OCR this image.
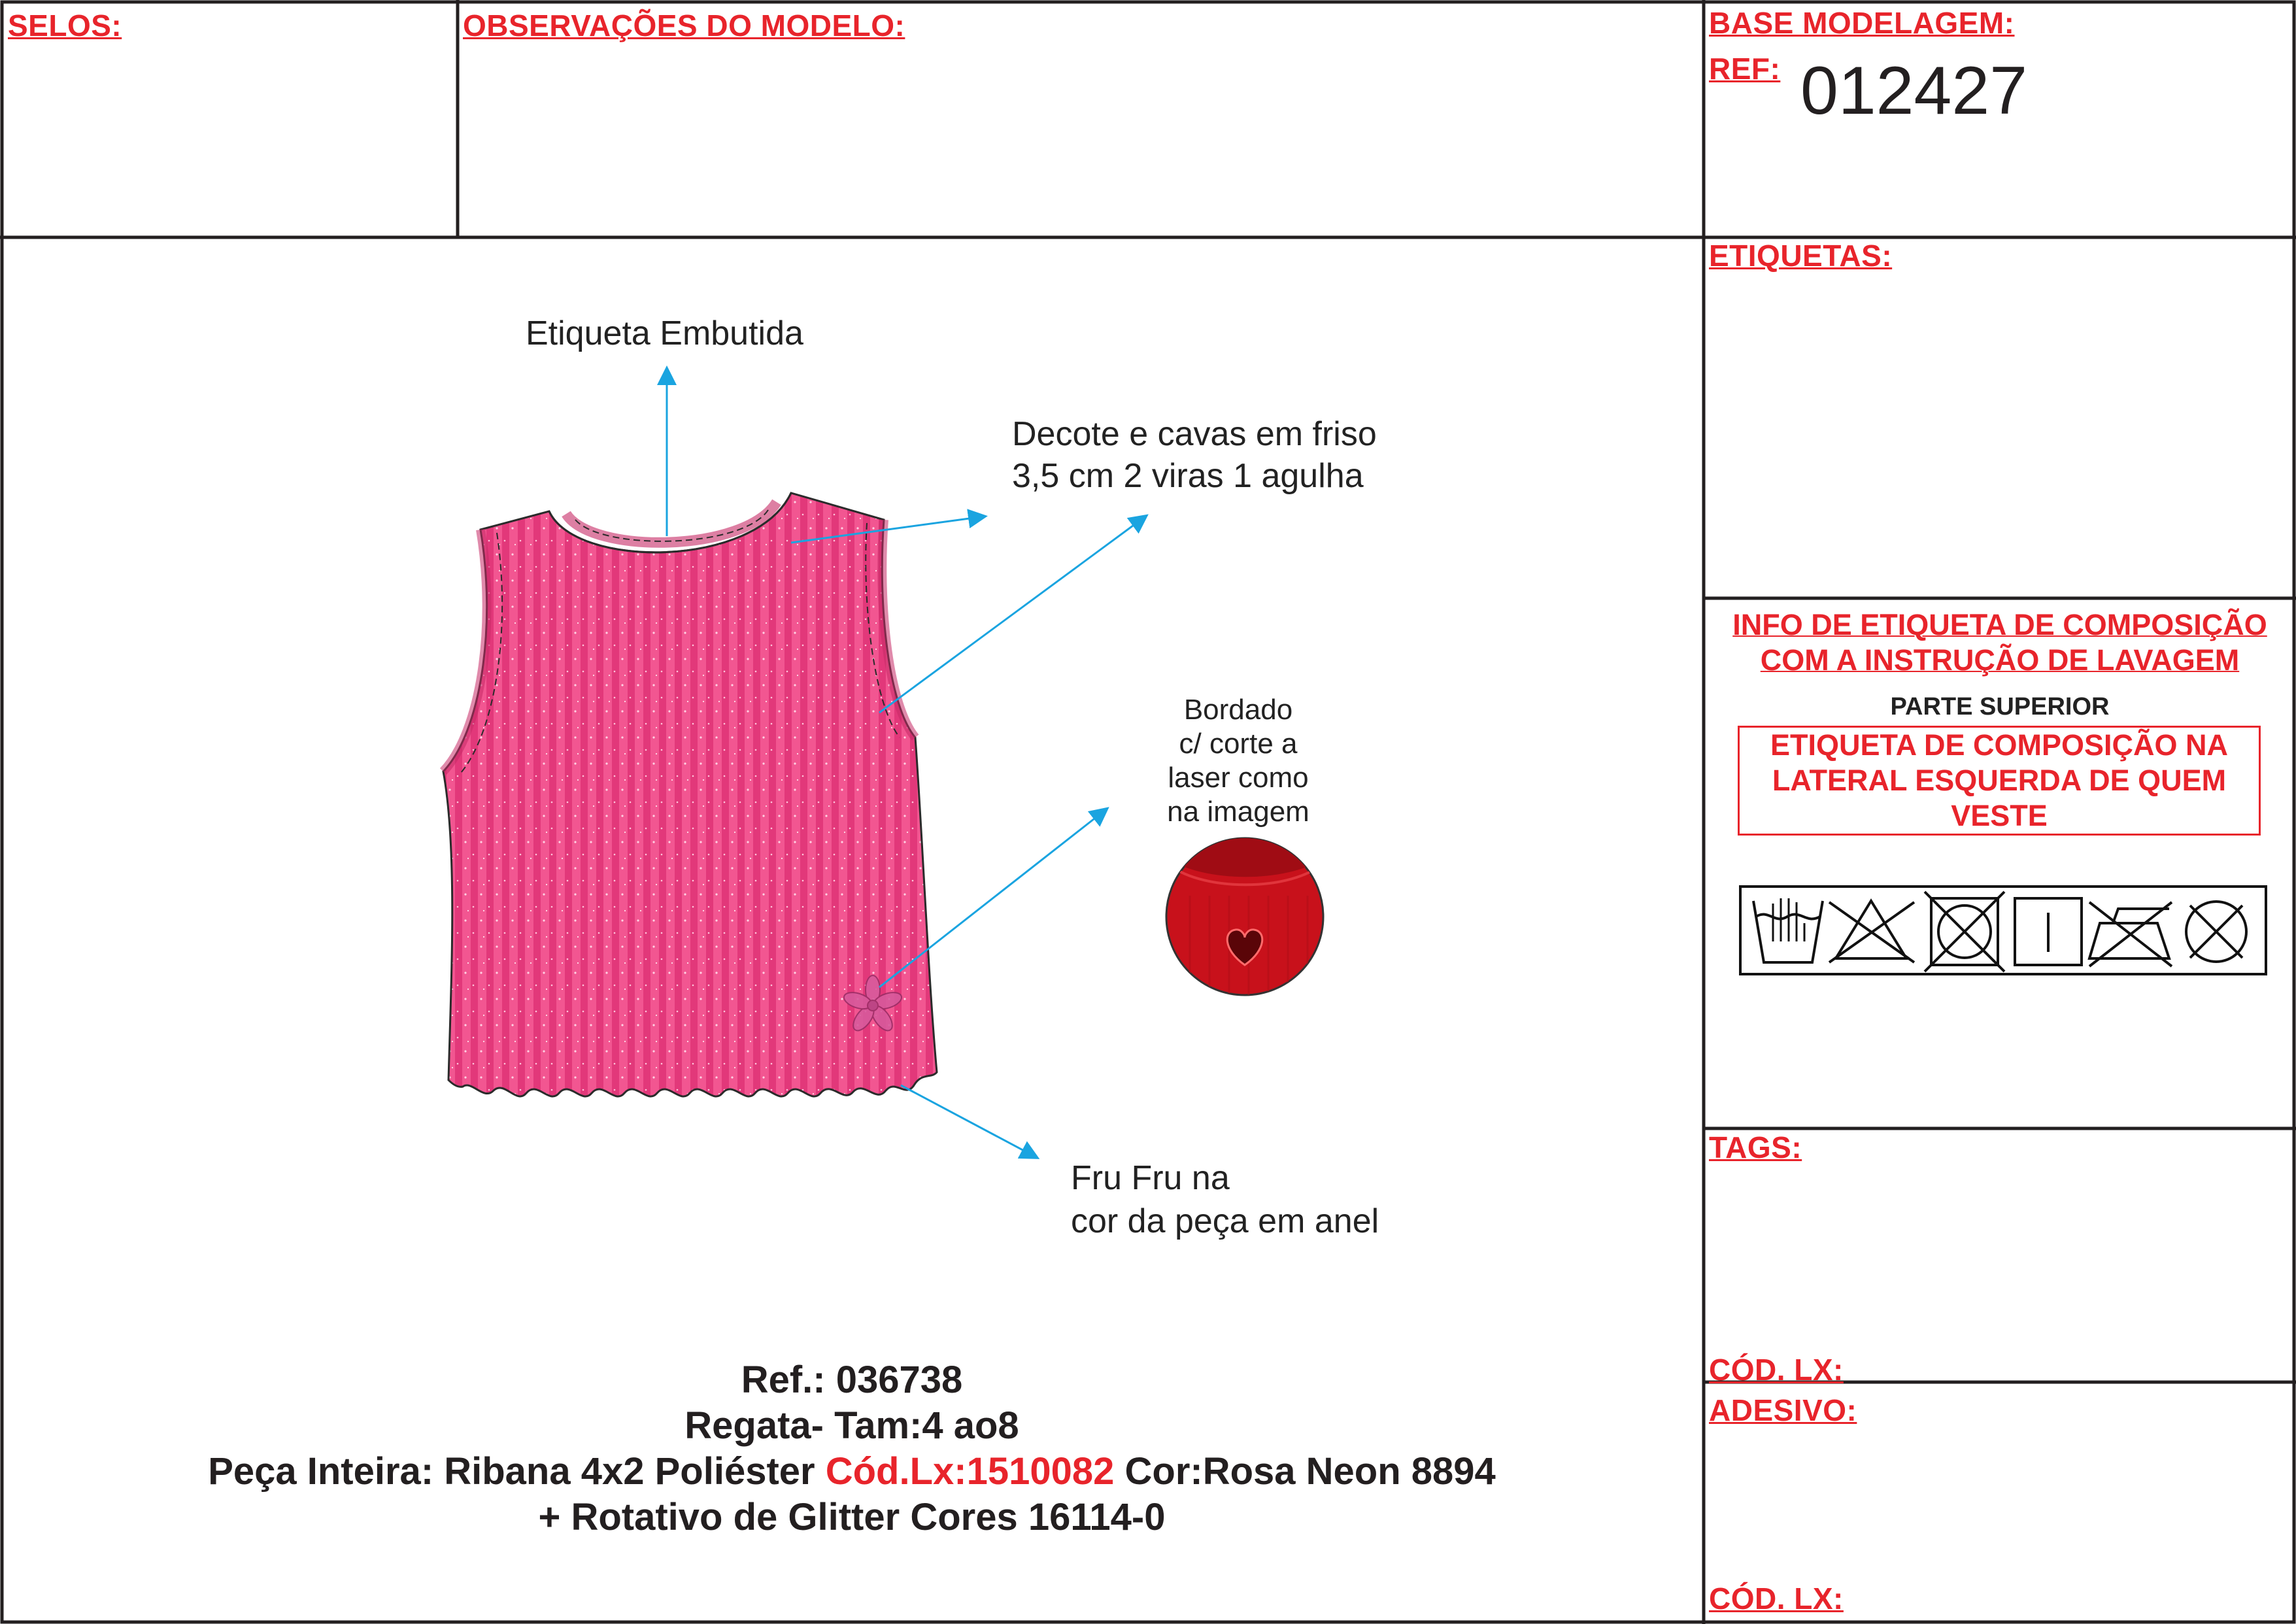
SELOS:	OBSERVAÇÕES DO MODELO:	BASE MODELAGEM:
REF: 012427
ETIQUETAS:
TAGS:
CÓD. LX:
ADESIVO:
CÓD. LX:
Etiqueta Embutida
Decote e cavas em friso
3,5 cm 2 viras 1 agulha
Bordado
c/ corte a
laser como
na imagem
Fru Fru na
cor da peça em anel
INFO DE ETIQUETA DE COMPOSIÇÃO
COM A INSTRUÇÃO DE LAVAGEM
PARTE SUPERIOR
ETIQUETA DE COMPOSIÇÃO NA
LATERAL ESQUERDA DE QUEM
VESTE
Ref.: 036738
Regata- Tam:4 ao8
Peça Inteira: Ribana 4x2 Poliéster Cód.Lx:1510082 Cor:Rosa Neon 8894
+ Rotativo de Glitter Cores 16114-0
